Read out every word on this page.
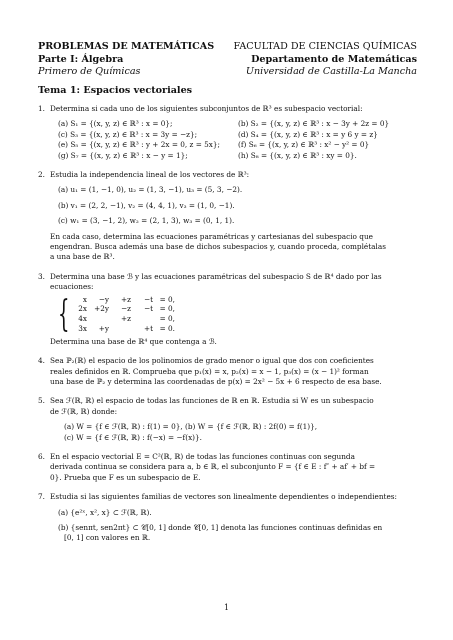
PROBLEMAS DE MATEMÁTICAS
Parte I: Álgebra
Primero de Químicas
FACULTAD DE CIENCIAS QUÍMICAS
Departamento de Matemáticas
Universidad de Castilla-La Mancha
Tema 1: Espacios vectoriales
1. Determina si cada uno de los siguientes subconjuntos de ℝ³ es subespacio vectorial:
(a) S₁ = {(x, y, z) ∈ ℝ³ : x = 0};	(b) S₂ = {(x, y, z) ∈ ℝ³ : x − 3y + 2z = 0}
(c) S₃ = {(x, y, z) ∈ ℝ³ : x = 3y = −z};	(d) S₄ = {(x, y, z) ∈ ℝ³ : x = y 6 y = z}
(e) S₅ = {(x, y, z) ∈ ℝ³ : y + 2x = 0, z = 5x};	(f) S₆ = {(x, y, z) ∈ ℝ³ : x² − y² = 0}
(g) S₇ = {(x, y, z) ∈ ℝ³ : x − y = 1};	(h) S₈ = {(x, y, z) ∈ ℝ³ : xy = 0}.
2. Estudia la independencia lineal de los vectores de ℝ³:
(a) u₁ = (1, −1, 0), u₂ = (1, 3, −1), u₃ = (5, 3, −2).
(b) v₁ = (2, 2, −1), v₂ = (4, 4, 1), v₃ = (1, 0, −1).
(c) w₁ = (3, −1, 2), w₂ = (2, 1, 3), w₃ = (0, 1, 1).
En cada caso, determina las ecuaciones paramétricas y cartesianas del subespacio que
engendran. Busca además una base de dichos subespacios y, cuando proceda, complétalas
a una base de ℝ³.
3. Determina una base ℬ y las ecuaciones paramétricas del subespacio S de ℝ⁴ dado por las
ecuaciones:
{	x	−y	+z	−t = 0,
2x +2y	−z	−t = 0,
4x	+z	= 0,
3x	+y	+t = 0.
Determina una base de ℝ⁴ que contenga a ℬ.
4. Sea ℙ₂(ℝ) el espacio de los polinomios de grado menor o igual que dos con coeficientes
reales definidos en ℝ. Comprueba que p₁(x) = x, p₂(x) = x − 1, p₃(x) = (x − 1)² forman
una base de ℙ₂ y determina las coordenadas de p(x) = 2x² − 5x + 6 respecto de esa base.
5. Sea ℱ(ℝ, ℝ) el espacio de todas las funciones de ℝ en ℝ. Estudia si W es un subespacio
de ℱ(ℝ, ℝ) donde:
(a) W = {f ∈ ℱ(ℝ, ℝ) : f(1) = 0}, (b) W = {f ∈ ℱ(ℝ, ℝ) : 2f(0) = f(1)},
(c) W = {f ∈ ℱ(ℝ, ℝ) : f(−x) = −f(x)}.
6. En el espacio vectorial E = C²(ℝ, ℝ) de todas las funciones continuas con segunda
derivada continua se considera para a, b ∈ ℝ, el subconjunto F = {f ∈ E : f″ + af′ + bf =
0}. Prueba que F es un subespacio de E.
7. Estudia si las siguientes familias de vectores son linealmente dependientes o independientes:
(a) {e²ˣ, x², x} ⊂ ℱ(ℝ, ℝ).
(b) {senπt, sen2πt} ⊂ 𝒞[0, 1] donde 𝒞[0, 1] denota las funciones continuas definidas en
[0, 1] con valores en ℝ.
1
